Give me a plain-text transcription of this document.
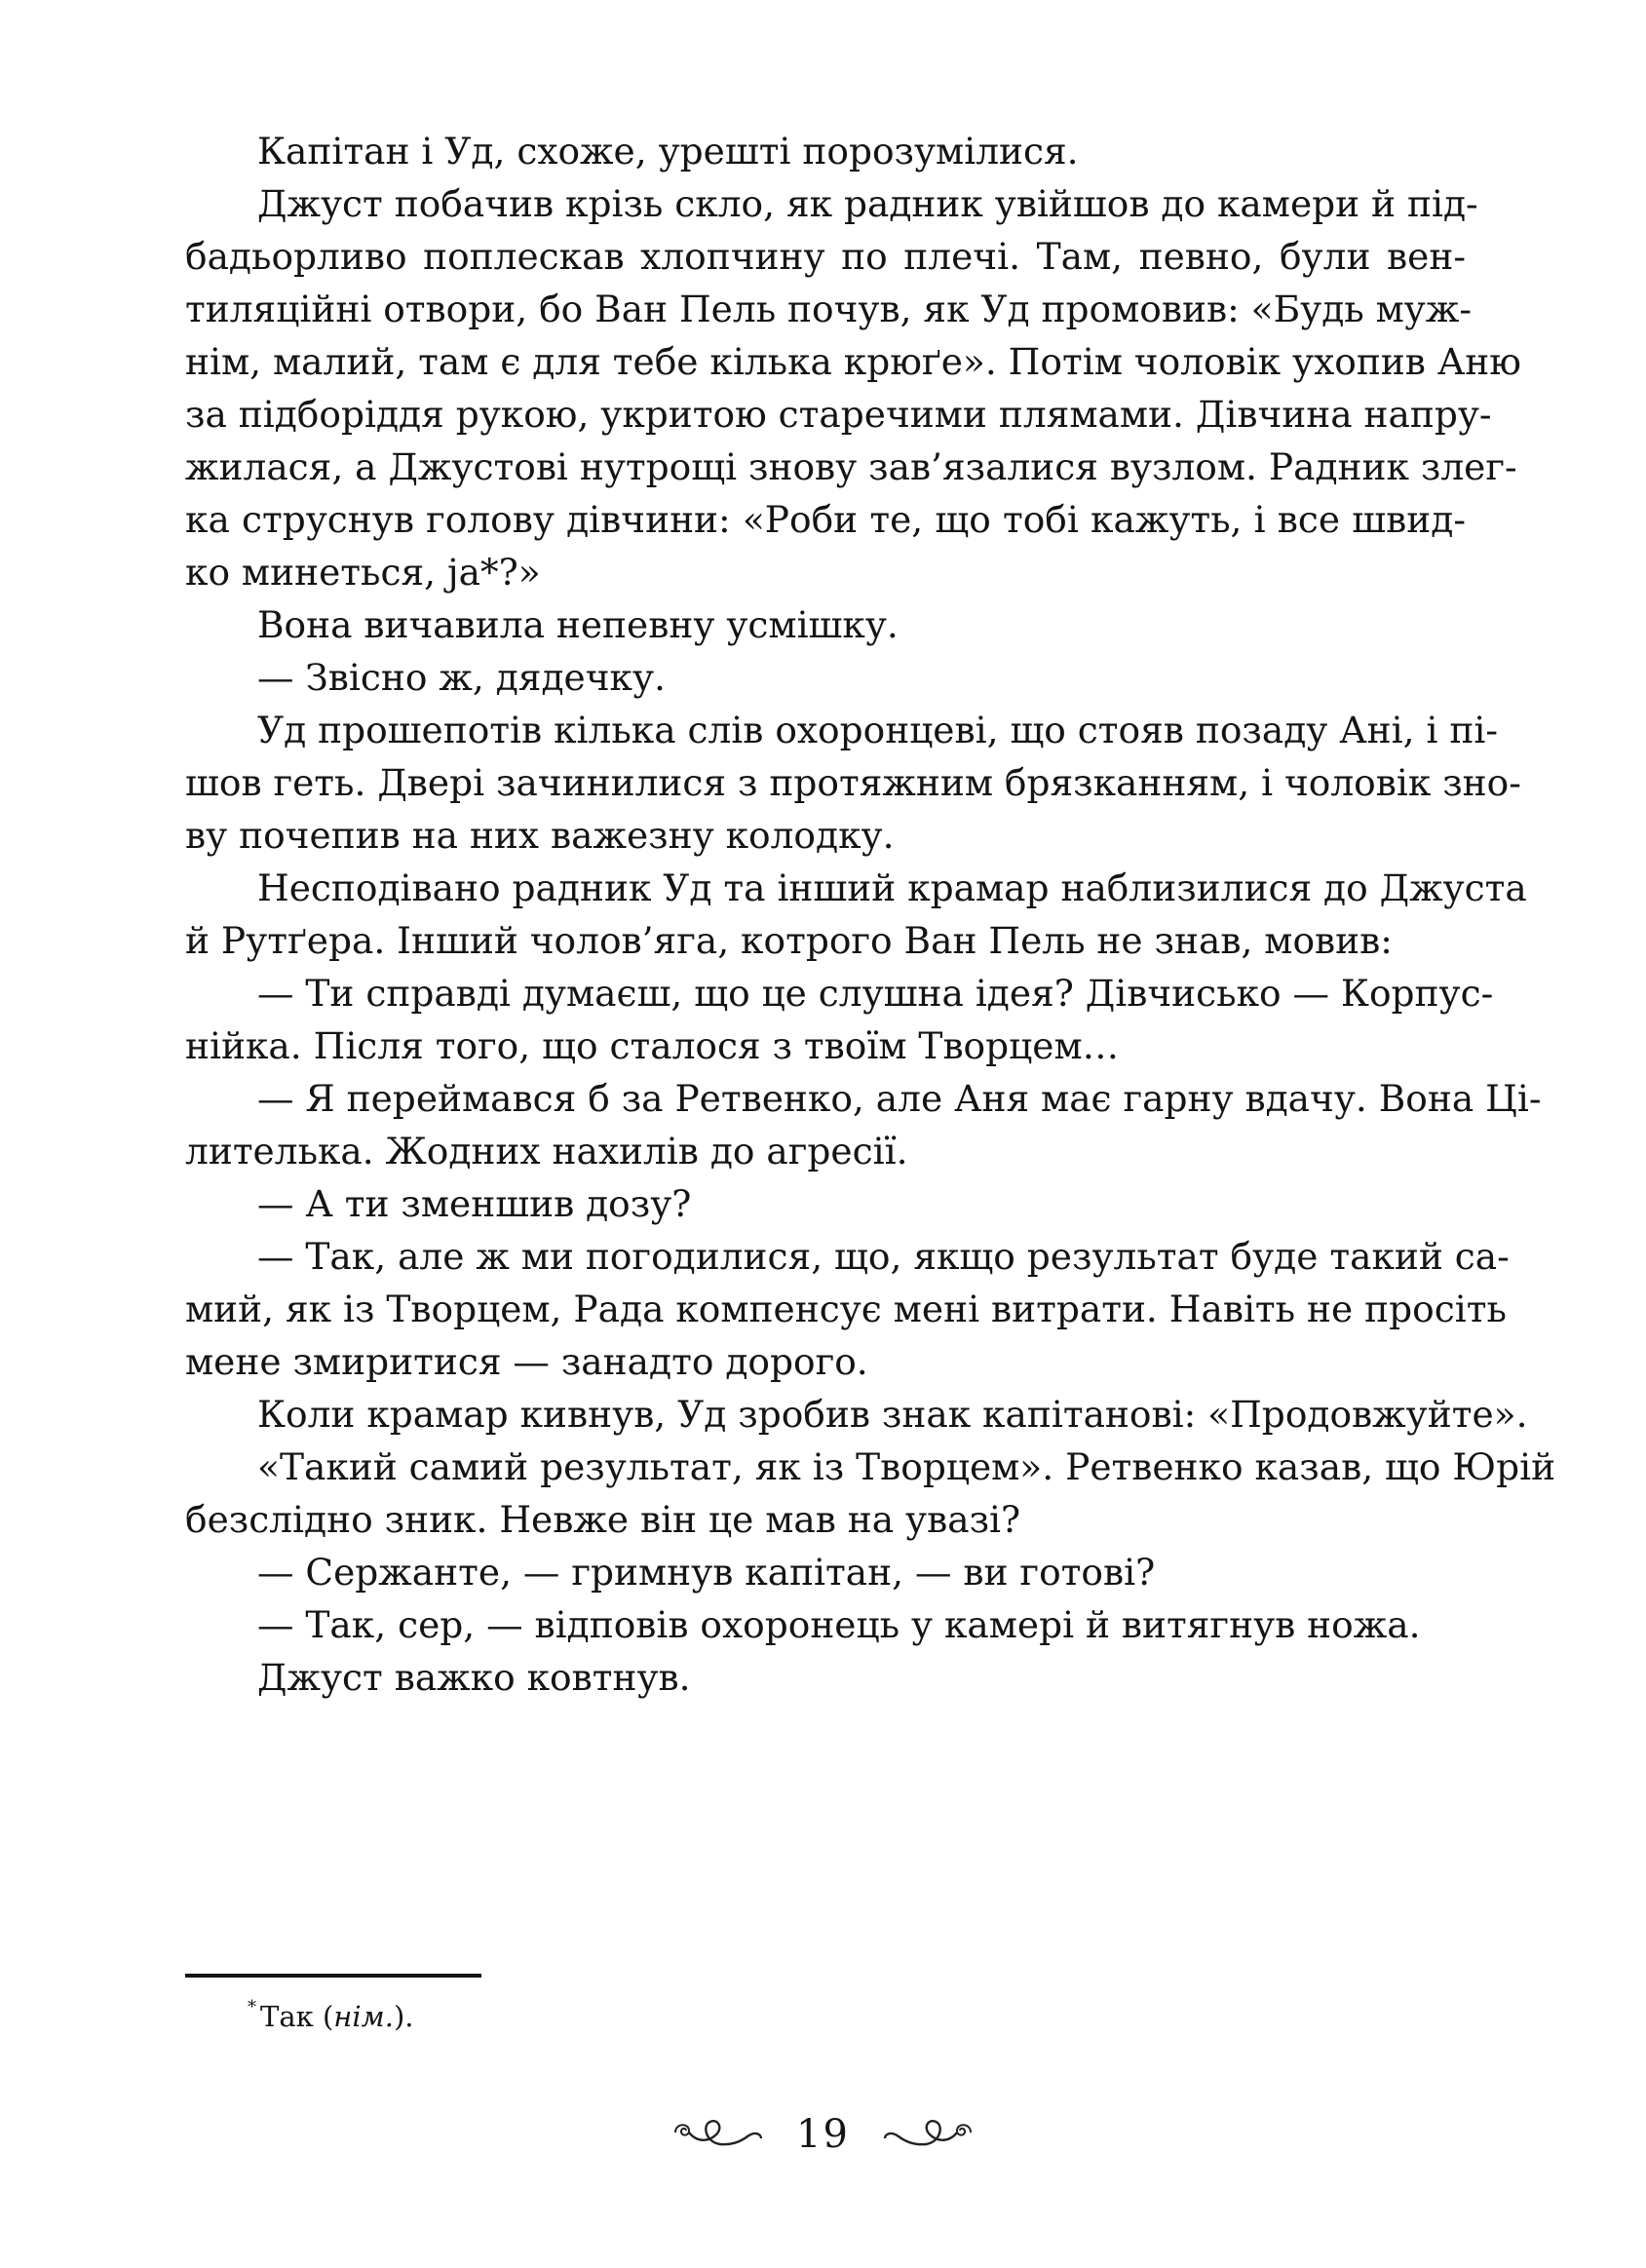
Капітан і Уд, схоже, урешті порозумілися.

Джуст побачив крізь скло, як радник увійшов до камери й під-
бадьорливо поплескав хлопчину по плечі. Там, певно, були вен-
тиляційні отвори, бо Ван Пель почув, як Уд промовив: «Будь муж-
нім, малий, там є для тебе кілька крюґе». Потім чоловік ухопив Аню
за підборіддя рукою, укритою старечими плямами. Дівчина напру-
жилася, а Джустові нутрощі знову зав’язалися вузлом. Радник злег-
ка струснув голову дівчини: «Роби те, що тобі кажуть, і все швид-
ко минеться, ja*?»

Вона вичавила непевну усмішку.

— Звісно ж, дядечку.

Уд прошепотів кілька слів охоронцеві, що стояв позаду Ані, і пі-
шов геть. Двері зачинилися з протяжним брязканням, і чоловік зно-
ву почепив на них важезну колодку.

Несподівано радник Уд та інший крамар наблизилися до Джуста
й Рутґера. Інший чолов’яга, котрого Ван Пель не знав, мовив:

— Ти справді думаєш, що це слушна ідея? Дівчисько — Корпус-
нійка. Після того, що сталося з твоїм Творцем…

— Я переймався б за Ретвенко, але Аня має гарну вдачу. Вона Ці-
лителька. Жодних нахилів до агресії.

— А ти зменшив дозу?

— Так, але ж ми погодилися, що, якщо результат буде такий са-
мий, як із Творцем, Рада компенсує мені витрати. Навіть не просіть
мене змиритися — занадто дорого.

Коли крамар кивнув, Уд зробив знак капітанові: «Продовжуйте».

«Такий самий результат, як із Творцем». Ретвенко казав, що Юрій
безслідно зник. Невже він це мав на увазі?

— Сержанте, — гримнув капітан, — ви готові?

— Так, сер, — відповів охоронець у камері й витягнув ножа.

Джуст важко ковтнув.

* Так (нім.).
19
